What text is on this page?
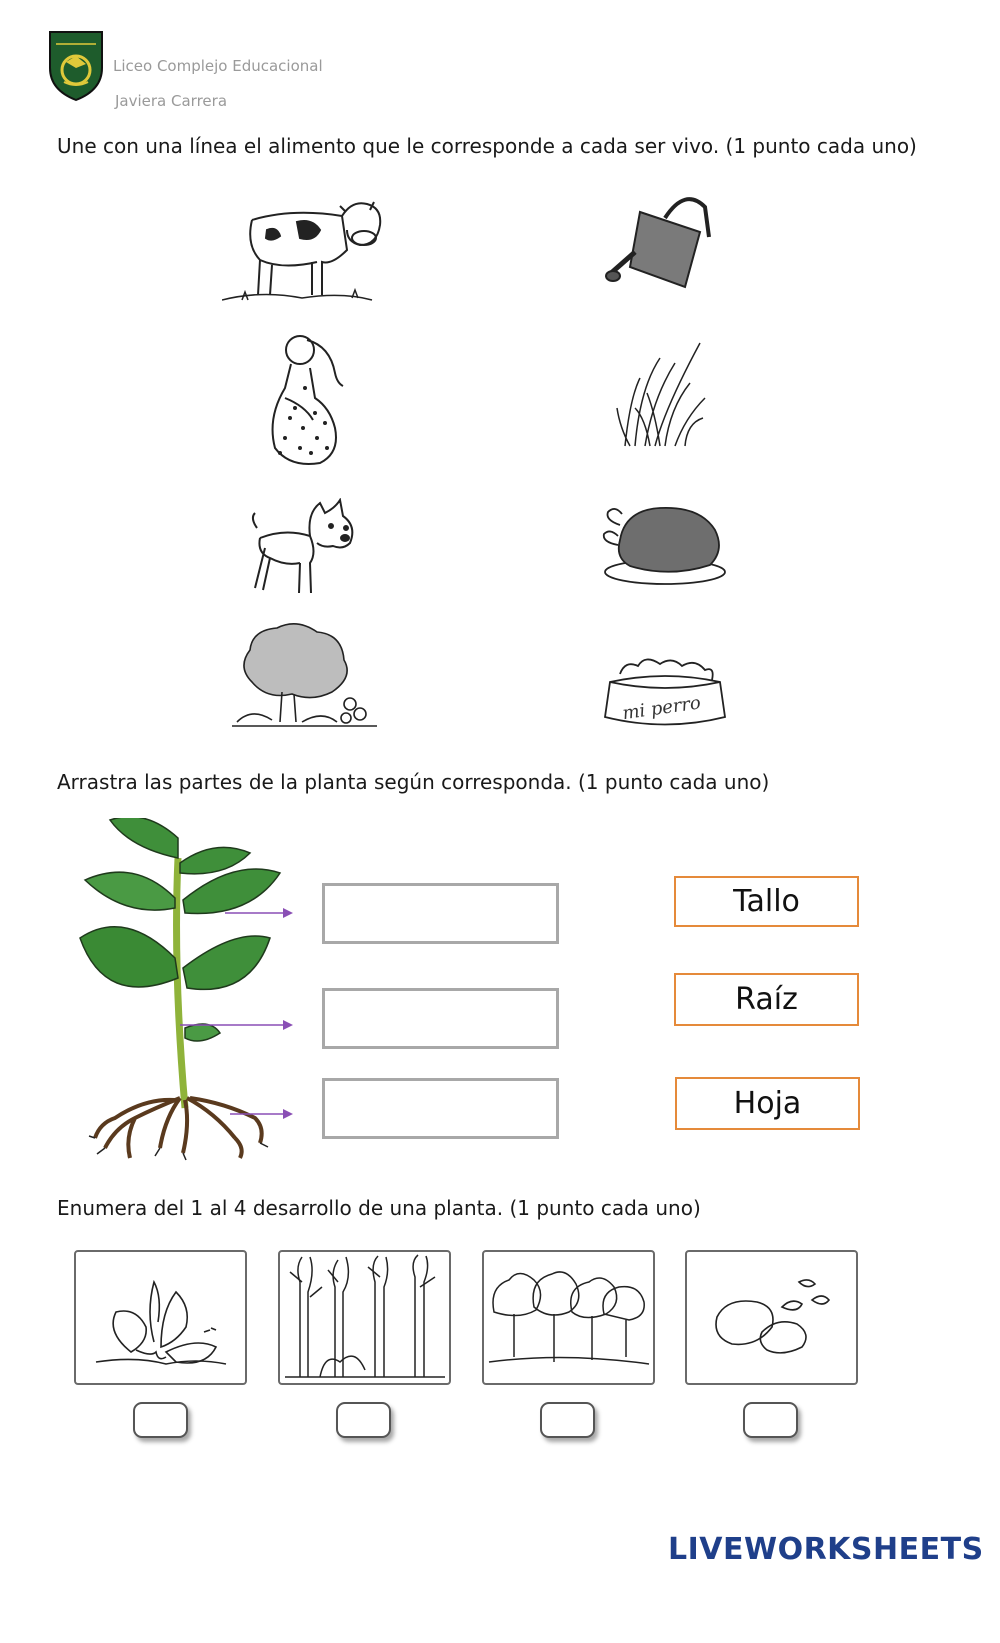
Liceo Complejo Educacional
Javiera Carrera
Une con una línea el alimento que le corresponde a cada ser vivo. (1 punto cada uno)
mi perro
Arrastra las partes de la planta según corresponda. (1 punto cada uno)
Tallo
Raíz
Hoja
Enumera del 1 al 4 desarrollo de una planta. (1 punto cada uno)
LIVEWORKSHEETS
